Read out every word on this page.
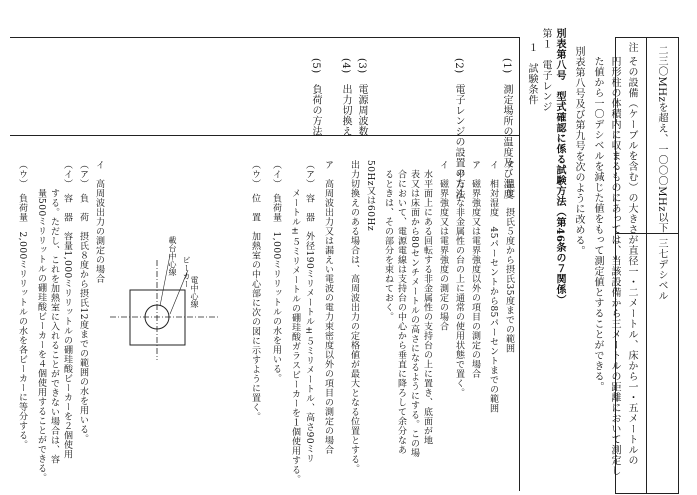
二三〇MHzを超え、一〇〇〇MHz以下
三七デシベル
注
その設備（ケーブルを含む）の大きさが直径一・二メートル、床から一・五メートルの
円形柱の体積内に収まるものにあっては、当該設備から三メートルの距離において測定し
た値から一〇デシベルを減じた値をもって測定値とすることができる。
別表第八号及び第九号を次のように改める。
別表第八号　型式確認に係る試験方法（第46条の７関係）
第１　電子レンジ
１　試験条件
(1)　測定場所の温度及び湿度
(2)　電子レンジの設置の方法
(3)　電源周波数
(4)　出力切換え
(5)　負荷の方法
ア　温度　摂氏５度から摂氏35度までの範囲
イ　相対湿度　45パーセントから85パーセントまでの範囲
ア　磁界強度又は電界強度以外の項目の測定の場合
　平たんな非金属性の台の上に通常の使用状態で置く。
イ　磁界強度又は電界強度の測定の場合
　水平面上にある回転する非金属性の支持台の上に置き、底面が地
　表又は床面から80センチメートルの高さになるようにする。この場
　合において、電源電線は支持台の中心から垂直に降ろして余分なあ
　るときは、その部分を束ねておく。
50Hz又は60Hz
出力切換えのある場合は、高周波出力の定格値が最大となる位置とする。
ア　高周波出力又は漏えい電波の電力束密度以外の項目の測定の場合
（ア）　容　器　外径190ミリメートル±５ミリメートル、高さ90ミリ
　　　メートル±５ミリメートルの硼珪酸ガラスビーカーを１個使用する。
（イ）　負荷量　1,000ミリリットルの水を用いる。
（ウ）　位　置　加熱室の中心部に次の図に示すように置く。
ビーカー
載台中心線
電中心線
イ　高周波出力の測定の場合
（ア）　負　荷　摂氏８度から摂氏12度までの範囲の水を用いる。
（イ）　容　器　容量1,000ミリリットルの硼珪酸ビーカーを２個使用
　　　する。ただし、これを加熱室に入れることができない場合は、容
　　　量500ミリリットルの硼珪酸ビーカーを４個使用することができる。
（ウ）　負荷量　2,000ミリリットルの水を各ビーカーに等分する。
